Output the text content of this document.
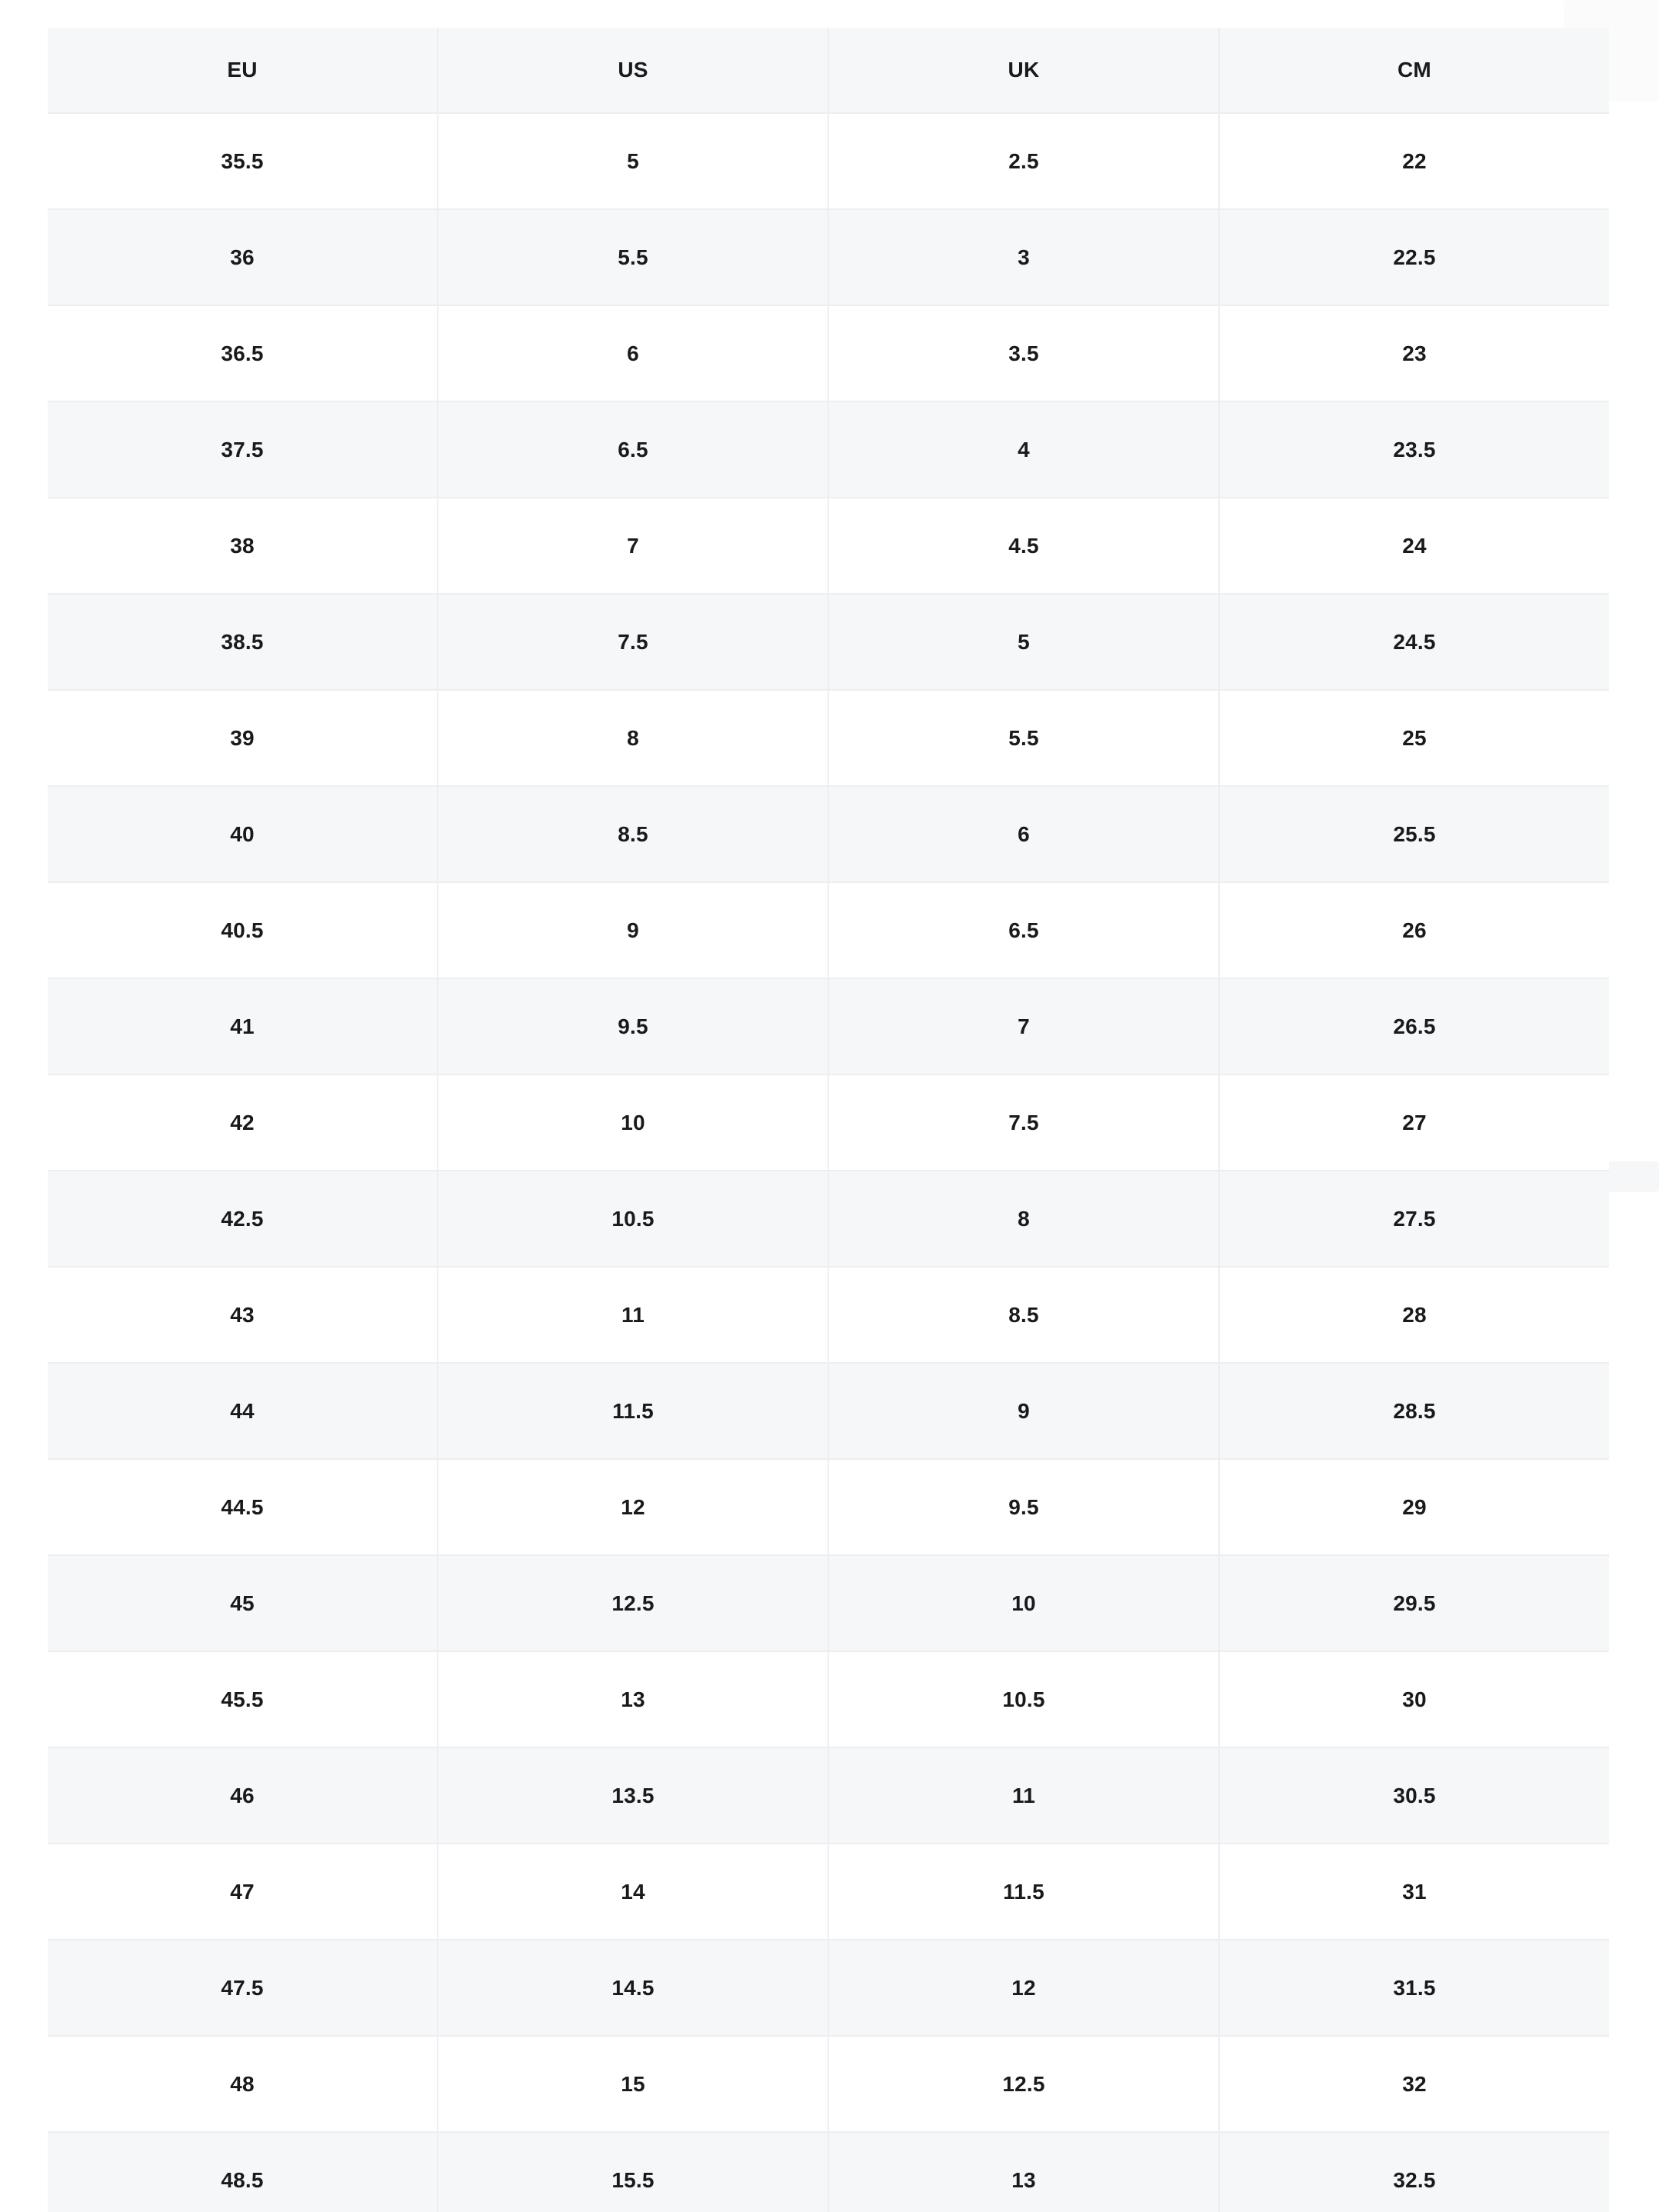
EU	US	UK	CM
35.5	5	2.5	22
36	5.5	3	22.5
36.5	6	3.5	23
37.5	6.5	4	23.5
38	7	4.5	24
38.5	7.5	5	24.5
39	8	5.5	25
40	8.5	6	25.5
40.5	9	6.5	26
41	9.5	7	26.5
42	10	7.5	27
42.5	10.5	8	27.5
43	11	8.5	28
44	11.5	9	28.5
44.5	12	9.5	29
45	12.5	10	29.5
45.5	13	10.5	30
46	13.5	11	30.5
47	14	11.5	31
47.5	14.5	12	31.5
48	15	12.5	32
48.5	15.5	13	32.5
